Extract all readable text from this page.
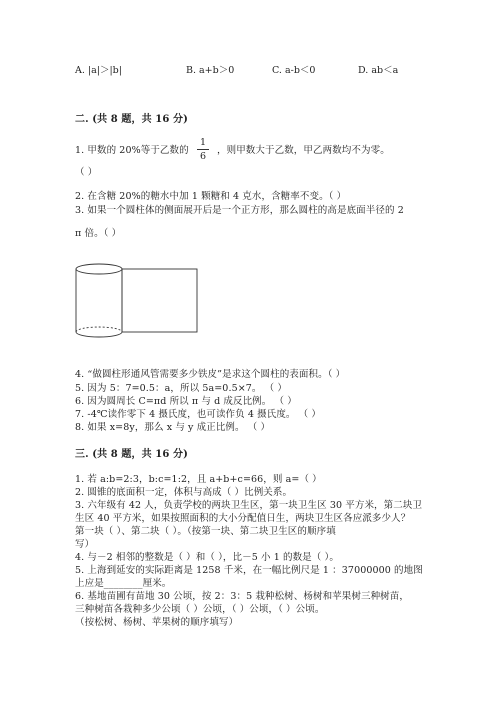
A. |a|＞|b|	B. a+b＞0	C. a-b＜0	D. ab＜a
二. (共 8 题，共 16 分)
1. 甲数的 20%等于乙数的
1
6
，则甲数大于乙数，甲乙两数均不为零。
（ ）
2. 在含糖 20%的糖水中加 1 颗糖和 4 克水，含糖率不变。（ ）
3. 如果一个圆柱体的侧面展开后是一个正方形，那么圆柱的高是底面半径的 2
π 倍。（ ）
4. “做圆柱形通风管需要多少铁皮”是求这个圆柱的表面积。（ ）
5. 因为 5：7=0.5：a，所以 5a=0.5×7。 （ ）
6. 因为圆周长 C=πd 所以 π 与 d 成反比例。 （ ）
7. -4℃读作零下 4 摄氏度，也可读作负 4 摄氏度。 （ ）
8. 如果 x=8y，那么 x 与 y 成正比例。 （ ）
三. (共 8 题，共 16 分)
1. 若 a:b=2:3，b:c=1:2，且 a+b+c=66，则 a=（ ）
2. 圆锥的底面积一定，体积与高成（ ）比例关系。
3. 六年级有 42 人，负责学校的两块卫生区，第一块卫生区 30 平方米，第二块卫
生区 40 平方米，如果按照面积的大小分配值日生，两块卫生区各应派多少人？
第一块（ ）、第二块（ ）。（按第一块、第二块卫生区的顺序填
写）
4. 与－2 相邻的整数是（ ）和（ ），比－5 小 1 的数是（ ）。
5. 上海到延安的实际距离是 1258 千米，在一幅比例尺是 1 ：37000000 的地图
上应是________厘米。
6. 基地苗圃有苗地 30 公顷，按 2：3：5 栽种松树、杨树和苹果树三种树苗，
三种树苗各栽种多少公顷（ ）公顷，（ ）公顷，（ ）公顷。
（按松树、杨树、苹果树的顺序填写）
